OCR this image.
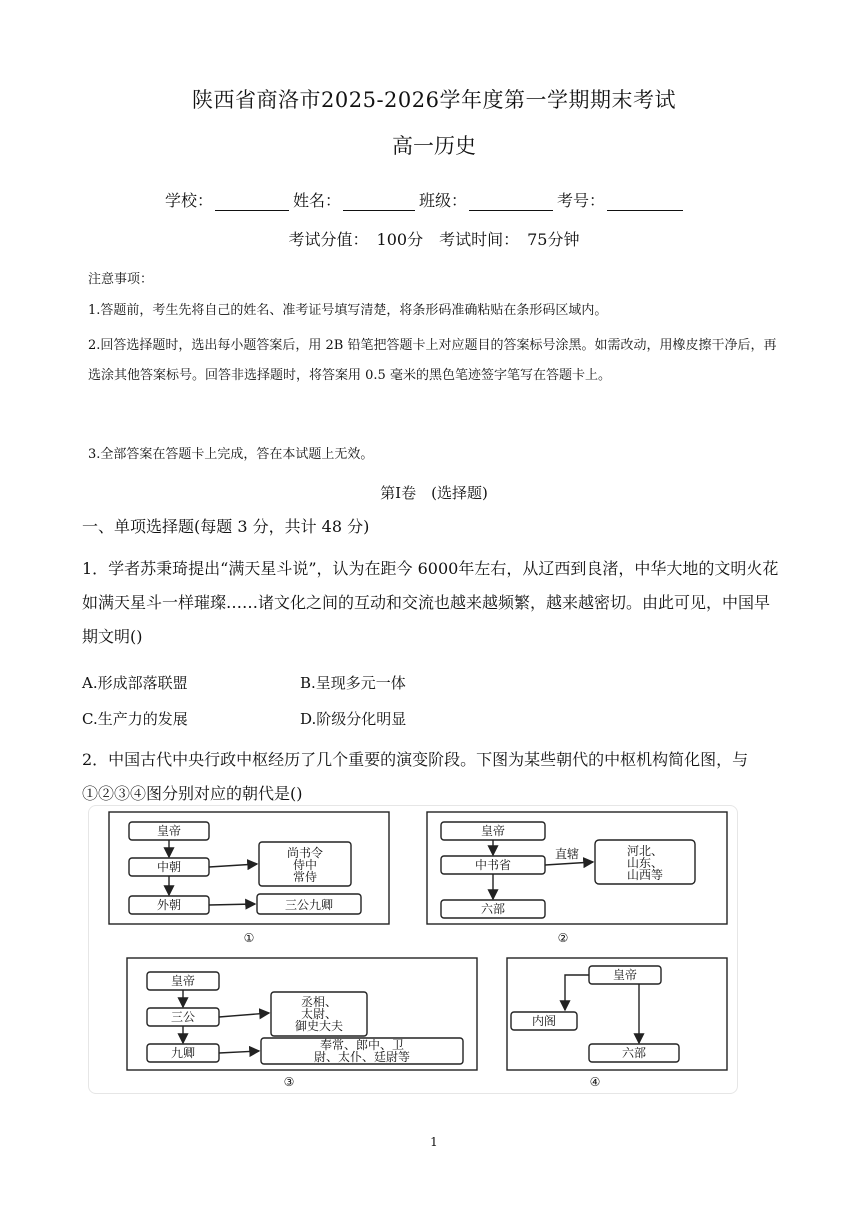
陕西省商洛市2025-2026学年度第一学期期末考试
高一历史
学校：	姓名：	班级：	考号：
考试分值：　100分　考试时间：　75分钟
注意事项：
1.答题前，考生先将自己的姓名、准考证号填写清楚，将条形码准确粘贴在条形码区域内。
2.回答选择题时，选出每小题答案后，用 2B 铅笔把答题卡上对应题目的答案标号涂黑。如需改动，用橡皮擦干净后，再选涂其他答案标号。回答非选择题时，将答案用 0.5 毫米的黑色笔迹签字笔写在答题卡上。
3.全部答案在答题卡上完成，答在本试题上无效。
第Ⅰ卷　(选择题)
一、单项选择题(每题 3 分，共计 48 分)
1．学者苏秉琦提出“满天星斗说”，认为在距今 6000年左右，从辽西到良渚，中华大地的文明火花如满天星斗一样璀璨……诸文化之间的互动和交流也越来越频繁，越来越密切。由此可见，中国早期文明()
A.形成部落联盟	B.呈现多元一体
C.生产力的发展	D.阶级分化明显
2．中国古代中央行政中枢经历了几个重要的演变阶段。下图为某些朝代的中枢机构简化图，与①②③④图分别对应的朝代是()
皇帝
中朝
外朝
尚书令
侍中
常侍
三公九卿
①
皇帝
中书省
六部
直辖	河北、
山东、
山西等
②
皇帝
三公
九卿
丞相、
太尉、
御史大夫
奉常、郎中、卫
尉、太仆、廷尉等
③
皇帝
内阁
六部
④
1
